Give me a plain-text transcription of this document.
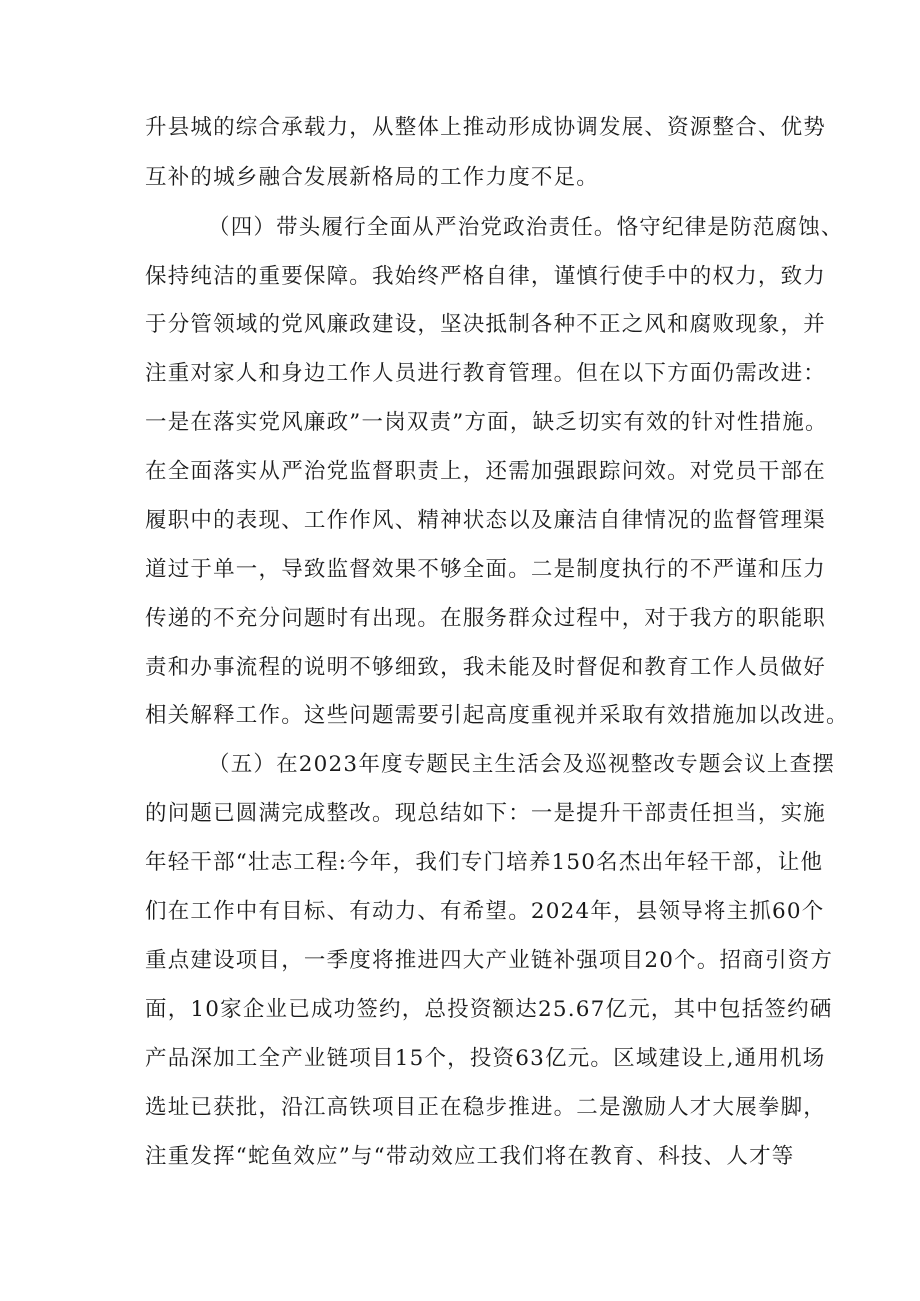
升县城的综合承载力，从整体上推动形成协调发展、资源整合、优势
互补的城乡融合发展新格局的工作力度不足。
（四）带头履行全面从严治党政治责任。恪守纪律是防范腐蚀、
保持纯洁的重要保障。我始终严格自律，谨慎行使手中的权力，致力
于分管领域的党风廉政建设，坚决抵制各种不正之风和腐败现象，并
注重对家人和身边工作人员进行教育管理。但在以下方面仍需改进：
一是在落实党风廉政”一岗双责”方面，缺乏切实有效的针对性措施。
在全面落实从严治党监督职责上，还需加强跟踪问效。对党员干部在
履职中的表现、工作作风、精神状态以及廉洁自律情况的监督管理渠
道过于单一，导致监督效果不够全面。二是制度执行的不严谨和压力
传递的不充分问题时有出现。在服务群众过程中，对于我方的职能职
责和办事流程的说明不够细致，我未能及时督促和教育工作人员做好
相关解释工作。这些问题需要引起高度重视并采取有效措施加以改进。
（五）在2023年度专题民主生活会及巡视整改专题会议上查摆
的问题已圆满完成整改。现总结如下：一是提升干部责任担当，实施
年轻干部“壮志工程:今年，我们专门培养150名杰出年轻干部，让他
们在工作中有目标、有动力、有希望。2024年，县领导将主抓60个
重点建设项目，一季度将推进四大产业链补强项目20个。招商引资方
面，10家企业已成功签约，总投资额达25.67亿元，其中包括签约硒
产品深加工全产业链项目15个，投资63亿元。区域建设上,通用机场
选址已获批，沿江高铁项目正在稳步推进。二是激励人才大展拳脚，
注重发挥“蛇鱼效应”与“带动效应工我们将在教育、科技、人才等
